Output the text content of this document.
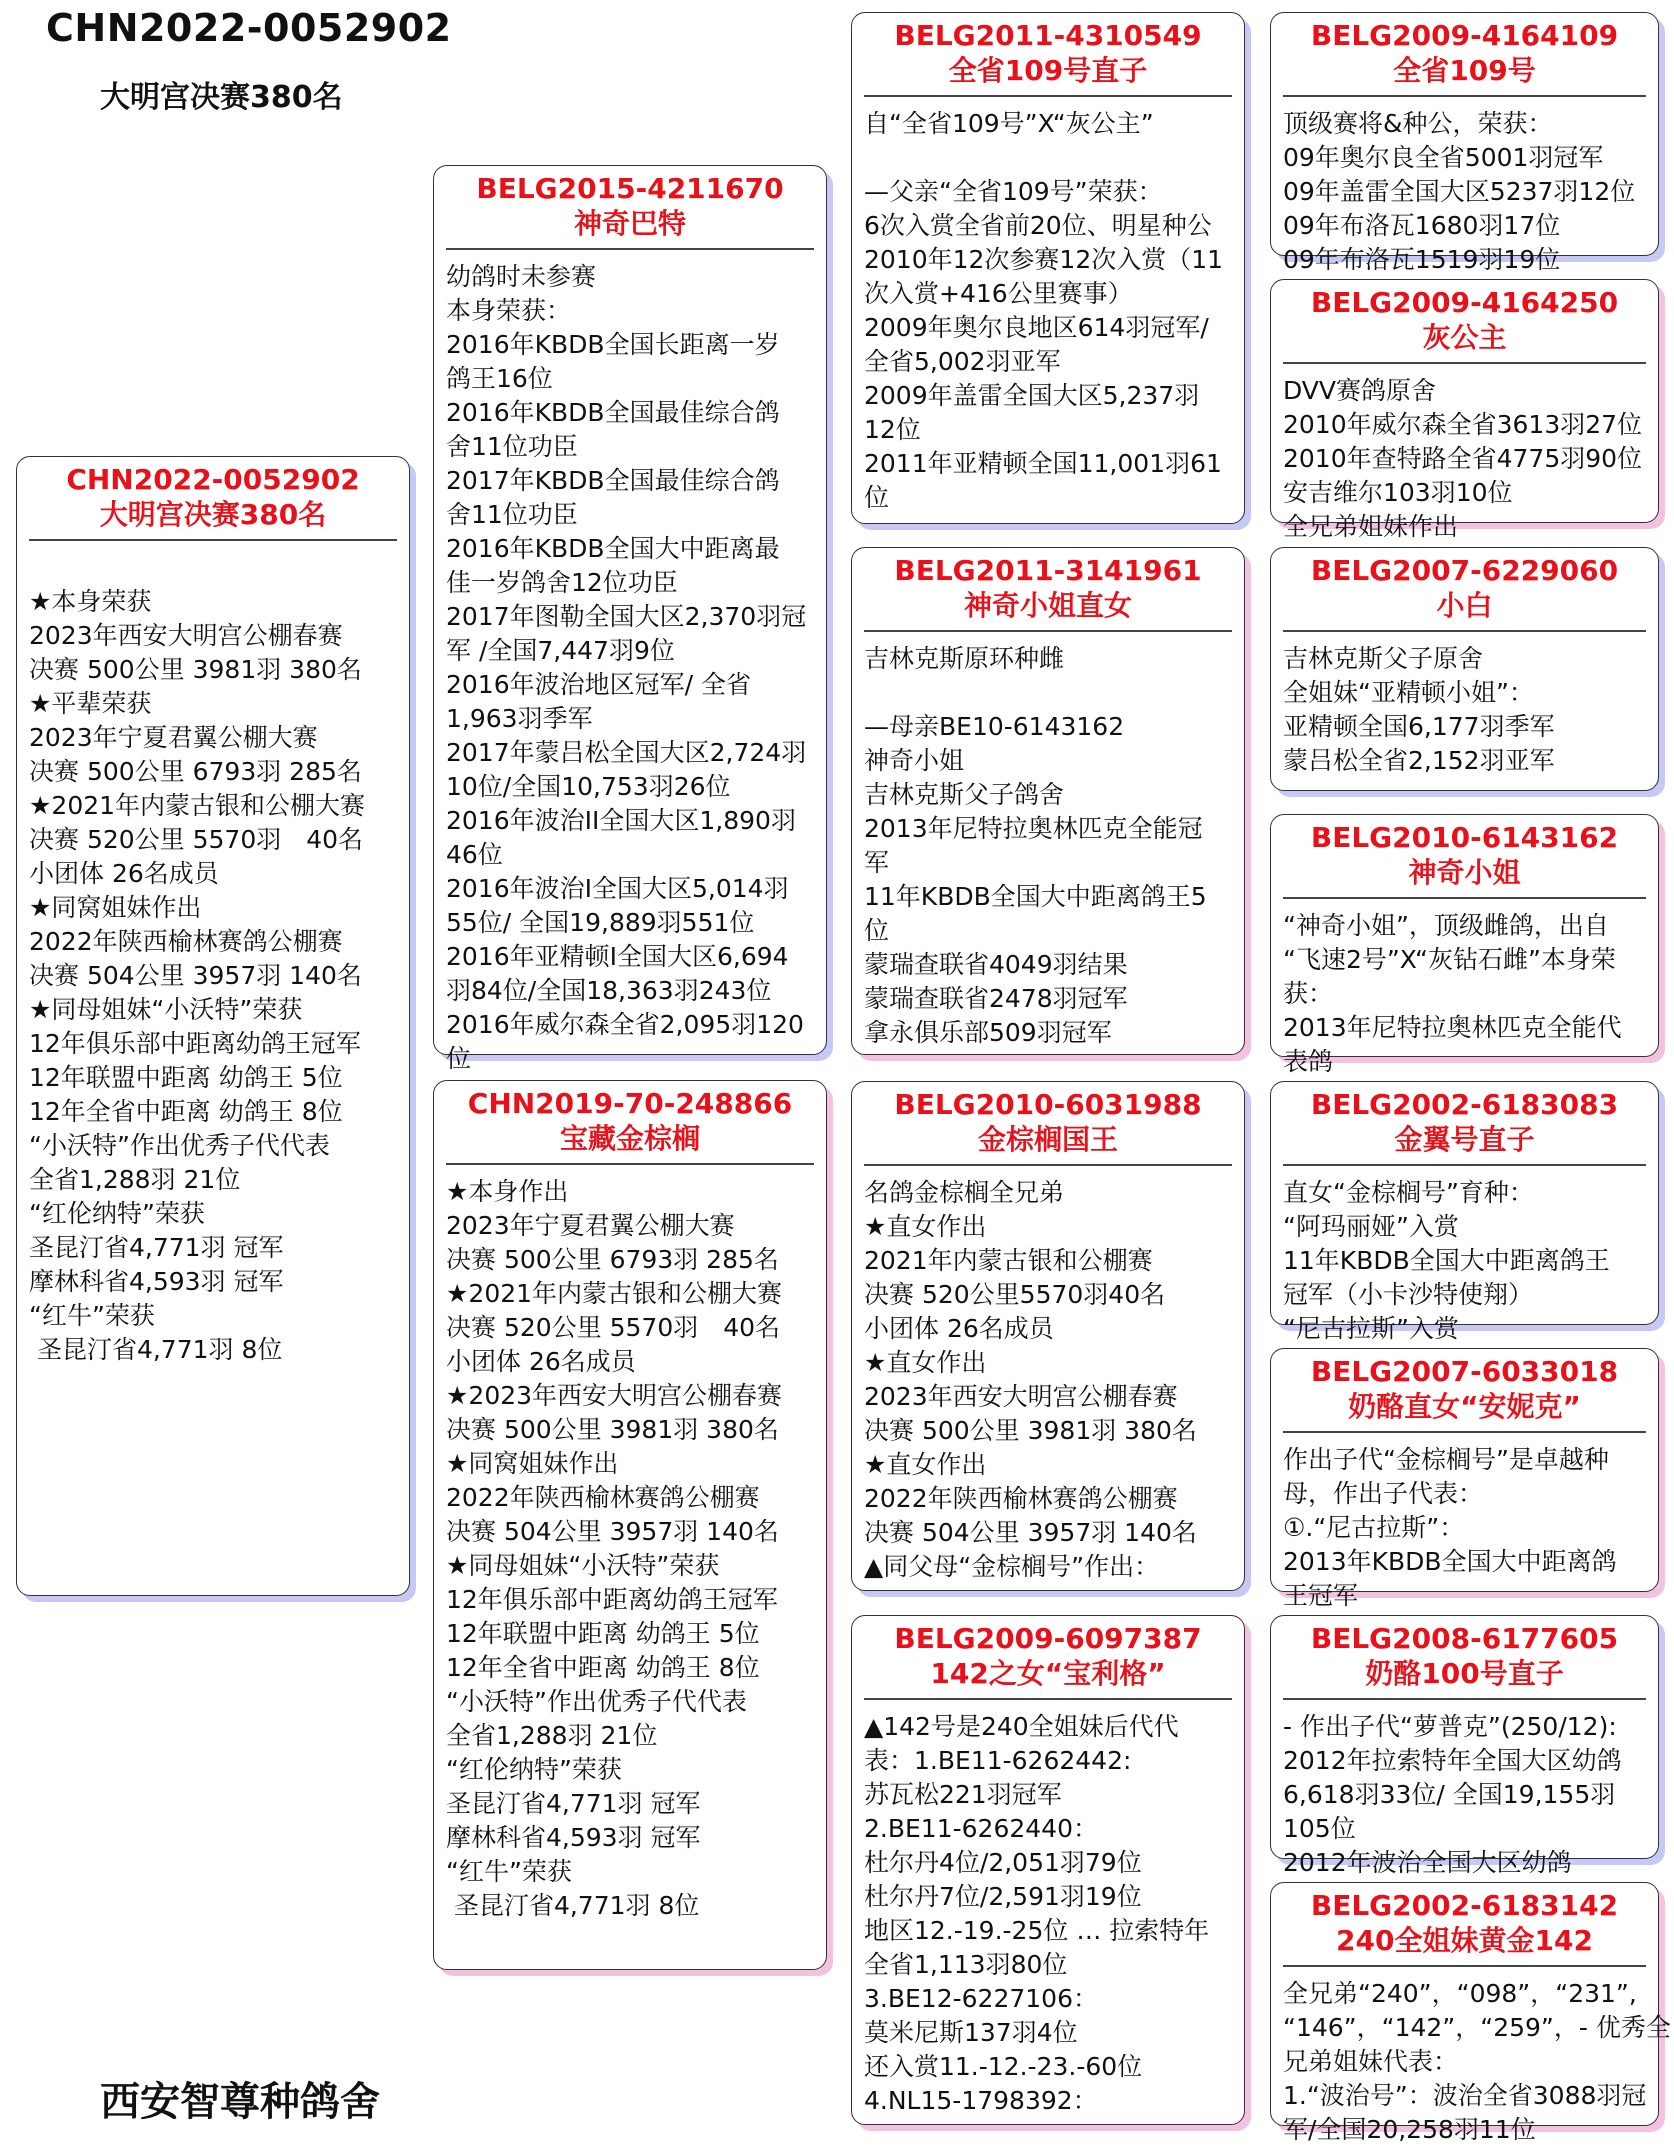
CHN2022-0052902
大明宫决赛380名
CHN2022-0052902
大明宫决赛380名
★本身荣获
2023年西安大明宫公棚春赛
决赛 500公里 3981羽 380名
★平辈荣获
2023年宁夏君翼公棚大赛
决赛 500公里 6793羽 285名
★2021年内蒙古银和公棚大赛
决赛 520公里 5570羽　40名
小团体 26名成员
★同窝姐妹作出
2022年陕西榆林赛鸽公棚赛
决赛 504公里 3957羽 140名
★同母姐妹“小沃特”荣获
12年俱乐部中距离幼鸽王冠军
12年联盟中距离 幼鸽王 5位
12年全省中距离 幼鸽王 8位
“小沃特”作出优秀子代代表
全省1,288羽 21位
“红伦纳特”荣获
圣昆汀省4,771羽 冠军
摩林科省4,593羽 冠军
“红牛”荣获
圣昆汀省4,771羽 8位
BELG2015-4211670
神奇巴特
幼鸽时未参赛
本身荣获：
2016年KBDB全国长距离一岁
鸽王16位
2016年KBDB全国最佳综合鸽
舍11位功臣
2017年KBDB全国最佳综合鸽
舍11位功臣
2016年KBDB全国大中距离最
佳一岁鸽舍12位功臣
2017年图勒全国大区2,370羽冠
军 /全国7,447羽9位
2016年波治地区冠军/ 全省
1,963羽季军
2017年蒙吕松全国大区2,724羽
10位/全国10,753羽26位
2016年波治II全国大区1,890羽
46位
2016年波治I全国大区5,014羽
55位/ 全国19,889羽551位
2016年亚精顿I全国大区6,694
羽84位/全国18,363羽243位
2016年威尔森全省2,095羽120
位
CHN2019-70-248866
宝藏金棕榈
★本身作出
2023年宁夏君翼公棚大赛
决赛 500公里 6793羽 285名
★2021年内蒙古银和公棚大赛
决赛 520公里 5570羽　40名
小团体 26名成员
★2023年西安大明宫公棚春赛
决赛 500公里 3981羽 380名
★同窝姐妹作出
2022年陕西榆林赛鸽公棚赛
决赛 504公里 3957羽 140名
★同母姐妹“小沃特”荣获
12年俱乐部中距离幼鸽王冠军
12年联盟中距离 幼鸽王 5位
12年全省中距离 幼鸽王 8位
“小沃特”作出优秀子代代表
全省1,288羽 21位
“红伦纳特”荣获
圣昆汀省4,771羽 冠军
摩林科省4,593羽 冠军
“红牛”荣获
圣昆汀省4,771羽 8位
BELG2011-4310549
全省109号直子
自“全省109号”X“灰公主”
—父亲“全省109号”荣获：
6次入赏全省前20位、明星种公
2010年12次参赛12次入赏（11
次入赏+416公里赛事）
2009年奥尔良地区614羽冠军/
全省5,002羽亚军
2009年盖雷全国大区5,237羽
12位
2011年亚精顿全国11,001羽61
位
BELG2011-3141961
神奇小姐直女
吉林克斯原环种雌
—母亲BE10-6143162
神奇小姐
吉林克斯父子鸽舍
2013年尼特拉奥林匹克全能冠
军
11年KBDB全国大中距离鸽王5
位
蒙瑞查联省4049羽结果
蒙瑞查联省2478羽冠军
拿永俱乐部509羽冠军
BELG2010-6031988
金棕榈国王
名鸽金棕榈全兄弟
★直女作出
2021年内蒙古银和公棚赛
决赛 520公里5570羽40名
小团体 26名成员
★直女作出
2023年西安大明宫公棚春赛
决赛 500公里 3981羽 380名
★直女作出
2022年陕西榆林赛鸽公棚赛
决赛 504公里 3957羽 140名
▲同父母“金棕榈号”作出：
BELG2009-6097387
142之女“宝利格”
▲142号是240全姐妹后代代
表：1.BE11-6262442:
苏瓦松221羽冠军
2.BE11-6262440：
杜尔丹4位/2,051羽79位
杜尔丹7位/2,591羽19位
地区12.-19.-25位 … 拉索特年
全省1,113羽80位
3.BE12-6227106：
莫米尼斯137羽4位
还入赏11.-12.-23.-60位
4.NL15-1798392：
BELG2009-4164109
全省109号
顶级赛将&种公，荣获：
09年奥尔良全省5001羽冠军
09年盖雷全国大区5237羽12位
09年布洛瓦1680羽17位
09年布洛瓦1519羽19位
BELG2009-4164250
灰公主
DVV赛鸽原舍
2010年威尔森全省3613羽27位
2010年查特路全省4775羽90位
安吉维尔103羽10位
全兄弟姐妹作出
BELG2007-6229060
小白
吉林克斯父子原舍
全姐妹“亚精顿小姐”：
亚精顿全国6,177羽季军
蒙吕松全省2,152羽亚军
BELG2010-6143162
神奇小姐
“神奇小姐”，顶级雌鸽，出自
“飞速2号”X“灰钻石雌”本身荣
获：
2013年尼特拉奥林匹克全能代
表鸽
BELG2002-6183083
金翼号直子
直女“金棕榈号”育种：
“阿玛丽娅”入赏
11年KBDB全国大中距离鸽王
冠军（小卡沙特使翔）
“尼古拉斯”入赏
BELG2007-6033018
奶酪直女“安妮克”
作出子代“金棕榈号”是卓越种
母，作出子代表：
①.“尼古拉斯”：
2013年KBDB全国大中距离鸽
王冠军
BELG2008-6177605
奶酪100号直子
- 作出子代“萝普克”(250/12):
2012年拉索特年全国大区幼鸽
6,618羽33位/ 全国19,155羽
105位
2012年波治全国大区幼鸽
BELG2002-6183142
240全姐妹黄金142
全兄弟“240”，“098”，“231”,
“146”，“142”，“259”，- 优秀全
兄弟姐妹代表：
1.“波治号”：波治全省3088羽冠
军/全国20,258羽11位
西安智尊种鸽舍
